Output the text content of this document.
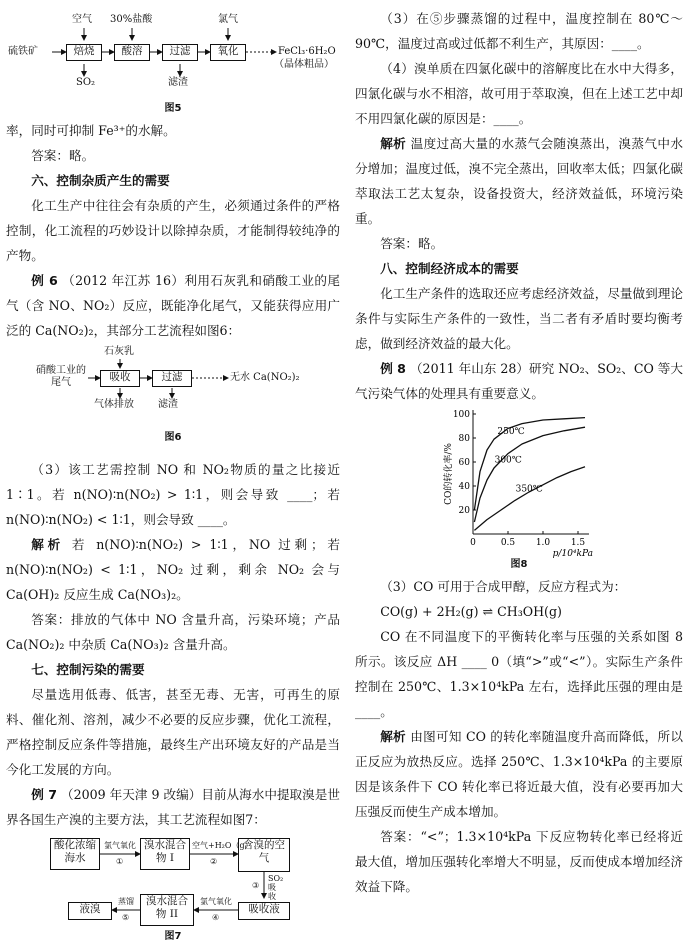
硫铁矿
空气 30%盐酸	氯气
焙烧	酸溶	过滤	氧化
SO₂	滤渣
FeCl₃·6H₂O
（晶体粗品）
图5

率，同时可抑制 Fe³⁺的水解。

答案：略。

六、控制杂质产生的需要

化工生产中往往会有杂质的产生，必须通过条件的严格控制，化工流程的巧妙设计以除掉杂质，才能制得较纯净的产物。

例 6 （2012 年江苏 16）利用石灰乳和硝酸工业的尾气（含 NO、NO₂）反应，既能净化尾气，又能获得应用广泛的 Ca(NO₂)₂，其部分工艺流程如图6：

石灰乳
硝酸工业的尾气	吸收	过滤	无水 Ca(NO₂)₂
气体排放 滤渣
图6

（3）该工艺需控制 NO 和 NO₂物质的量之比接近 1∶1。若 n(NO)∶n(NO₂) > 1∶1，则会导致 ____；若 n(NO)∶n(NO₂) < 1∶1，则会导致 ____。

解析 若 n(NO)∶n(NO₂) > 1∶1，NO 过剩；若 n(NO)∶n(NO₂) < 1∶1，NO₂ 过剩，剩余 NO₂ 会与 Ca(OH)₂ 反应生成 Ca(NO₃)₂。

答案：排放的气体中 NO 含量升高，污染环境；产品 Ca(NO₂)₂ 中杂质 Ca(NO₃)₂ 含量升高。

七、控制污染的需要

尽量选用低毒、低害，甚至无毒、无害，可再生的原料、催化剂、溶剂，减少不必要的反应步骤，优化工流程，严格控制反应条件等措施，最终生产出环境友好的产品是当今化工发展的方向。

例 7 （2009 年天津 9 改编）目前从海水中提取溴是世界各国生产溴的主要方法，其工艺流程如图7：

酸化浓缩海水
溴水混合物 I
含溴的空气
吸收液
溴水混合物 II
液溴
氯气氧化
①
空气+H₂O（g）
②
SO₂吸收
③
氯气氧化
④
蒸馏
⑤
图7

（3）在⑤步骤蒸馏的过程中，温度控制在 80℃～90℃，温度过高或过低都不利生产，其原因：____。

（4）溴单质在四氯化碳中的溶解度比在水中大得多，四氯化碳与水不相溶，故可用于萃取溴，但在上述工艺中却不用四氯化碳的原因是：____。

解析 温度过高大量的水蒸气会随溴蒸出，溴蒸气中水分增加；温度过低，溴不完全蒸出，回收率太低；四氯化碳萃取法工艺太复杂，设备投资大，经济效益低，环境污染重。

答案：略。

八、控制经济成本的需要

化工生产条件的选取还应考虑经济效益，尽量做到理论条件与实际生产条件的一致性，当二者有矛盾时要均衡考虑，做到经济效益的最大化。

例 8 （2011 年山东 28）研究 NO₂、SO₂、CO 等大气污染气体的处理具有重要意义。

20
40
60
80
100
0	0.5 1.0 1.5
CO的转化率/%
p/10⁴kPa
250℃
300℃
350℃
图8

（3）CO 可用于合成甲醇，反应方程式为：

CO(g) + 2H₂(g) ⇌ CH₃OH(g)

CO 在不同温度下的平衡转化率与压强的关系如图 8 所示。该反应 ΔH ____ 0（填“>”或“<”）。实际生产条件控制在 250℃、1.3×10⁴kPa 左右，选择此压强的理由是 ____。

解析 由图可知 CO 的转化率随温度升高而降低，所以正反应为放热反应。选择 250℃、1.3×10⁴kPa 的主要原因是该条件下 CO 转化率已将近最大值，没有必要再加大压强反而使生产成本增加。

答案：“<”；1.3×10⁴kPa 下反应物转化率已经将近最大值，增加压强转化率增大不明显，反而使成本增加经济效益下降。
